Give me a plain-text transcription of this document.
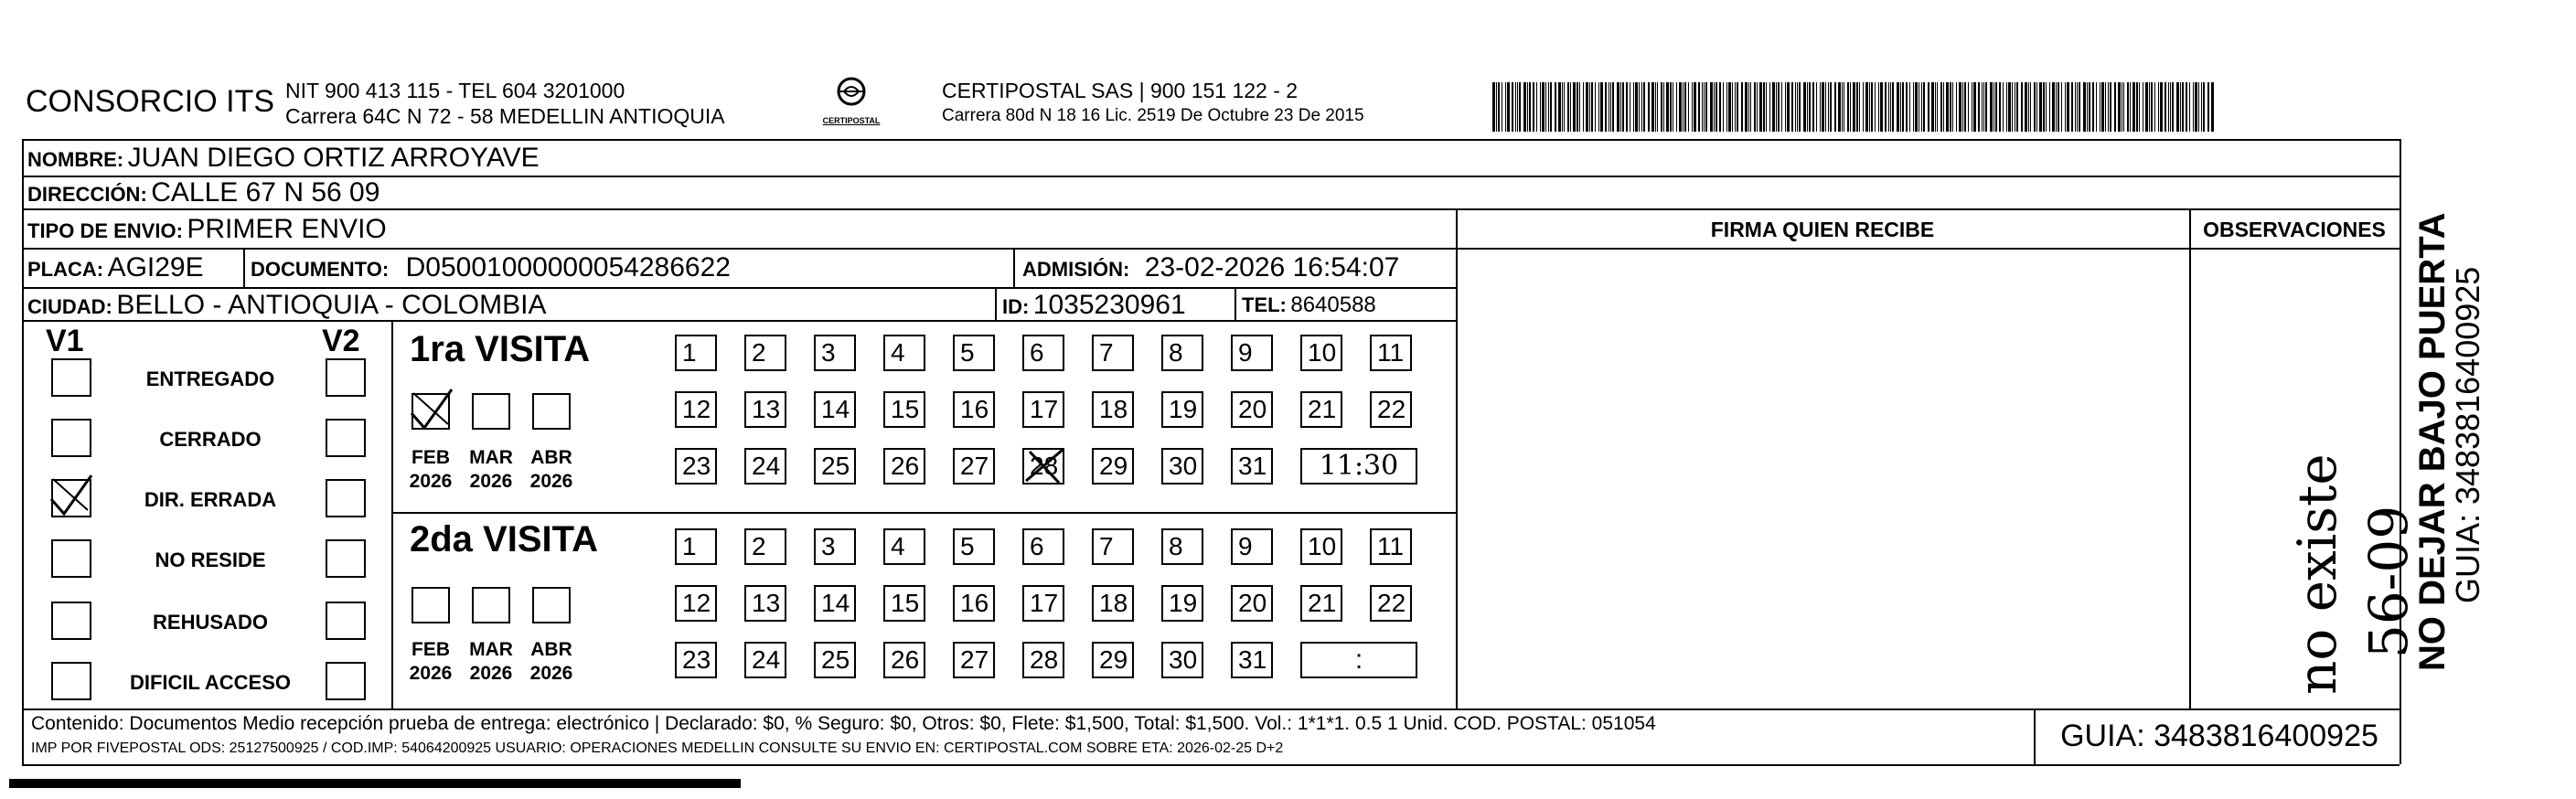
CONSORCIO ITS NIT 900 413 115 - TEL 604 3201000
Carrera 64C N 72 - 58 MEDELLIN ANTIOQUIA	CERTIPOSTAL
CERTIPOSTAL SAS | 900 151 122 - 2
Carrera 80d N 18 16 Lic. 2519 De Octubre 23 De 2015
NOMBRE: JUAN DIEGO ORTIZ ARROYAVE
DIRECCIÓN: CALLE 67 N 56 09
TIPO DE ENVIO: PRIMER ENVIO
PLACA: AGI29E DOCUMENTO: D05001000000054286622	ADMISIÓN: 23-02-2026 16:54:07
CIUDAD: BELLO - ANTIOQUIA - COLOMBIA	ID: 1035230961	TEL: 8640588
FIRMA QUIEN RECIBE	OBSERVACIONES
no existe 56-09
V1	V2 1ra VISITA
2da VISITA
FEB
2026
MAR
2026
ABR
2026
FEB
2026
MAR
2026
ABR
2026
1	2	3	4	5	6	7	8	9	10 11
12 13 14 15 16 17 18 19 20 21 22
23 24 25 26 27 28 29 30 31	11:30
1	2	3	4	5	6	7	8	9	10 11
12 13 14 15 16 17 18 19 20 21 22
23 24 25 26 27 28 29 30 31	:
Contenido: Documentos Medio recepción prueba de entrega: electrónico | Declarado: $0, % Seguro: $0, Otros: $0, Flete: $1,500, Total: $1,500. Vol.: 1*1*1. 0.5 1 Unid. COD. POSTAL: 051054
IMP POR FIVEPOSTAL ODS: 25127500925 / COD.IMP: 54064200925 USUARIO: OPERACIONES MEDELLIN CONSULTE SU ENVIO EN: CERTIPOSTAL.COM SOBRE ETA: 2026-02-25 D+2	GUIA: 3483816400925
NO DEJAR BAJO PUERTA
GUIA: 3483816400925
ENTREGADO
CERRADO
DIR. ERRADA
NO RESIDE
REHUSADO
DIFICIL ACCESO
